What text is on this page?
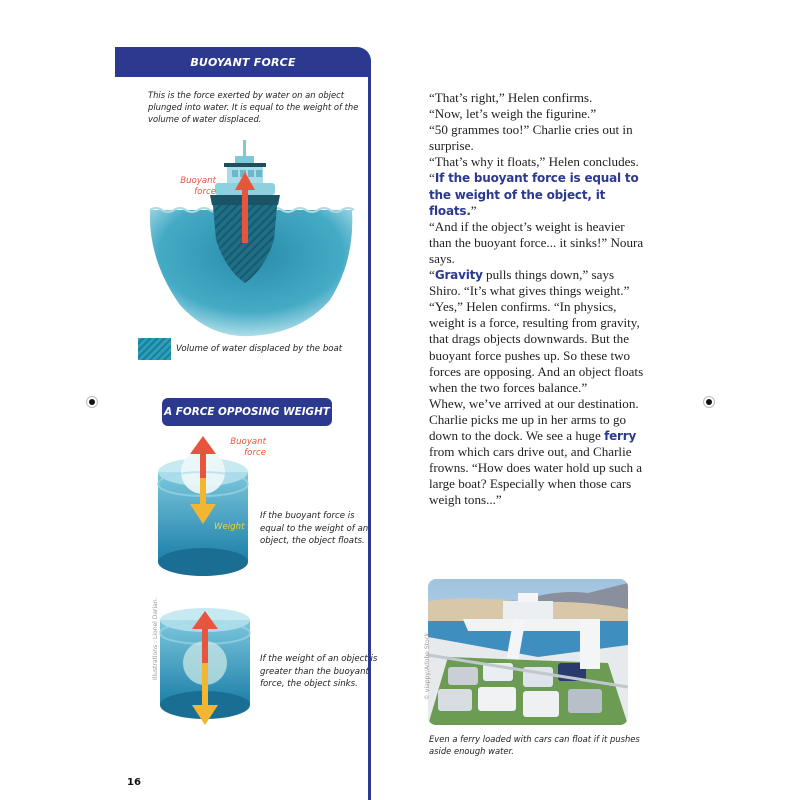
BUOYANT FORCE
This is the force exerted by water on an object plunged into water. It is equal to the weight of the volume of water displaced.
Buoyant
force
Volume of water displaced by the boat
A FORCE OPPOSING WEIGHT
Buoyant
force
Weight
If the buoyant force is equal to the weight of an object, the object floats.
If the weight of an object is greater than the buoyant force, the object sinks.
Illustrations : Lionel Darian.
16

“That’s right,” Helen confirms.

“Now, let’s weigh the figurine.”

“50 grammes too!” Charlie cries out in surprise.

“That’s why it floats,” Helen concludes. “If the buoyant force is equal to the weight of the object, it floats.”

“And if the object’s weight is heavier than the buoyant force... it sinks!” Noura says.

“Gravity pulls things down,” says Shiro. “It’s what gives things weight.”

“Yes,” Helen confirms. “In physics, weight is a force, resulting from gravity, that drags objects downwards. But the buoyant force pushes up. So these two forces are opposing. And an object floats when the two forces balance.”

Whew, we’ve arrived at our destination. Charlie picks me up in her arms to go down to the dock. We see a huge ferry from which cars drive out, and Charlie frowns. “How does water hold up such a large boat? Especially when those cars weigh tons...”

© viappy/Adobe Stock
Even a ferry loaded with cars can float if it pushes aside enough water.
